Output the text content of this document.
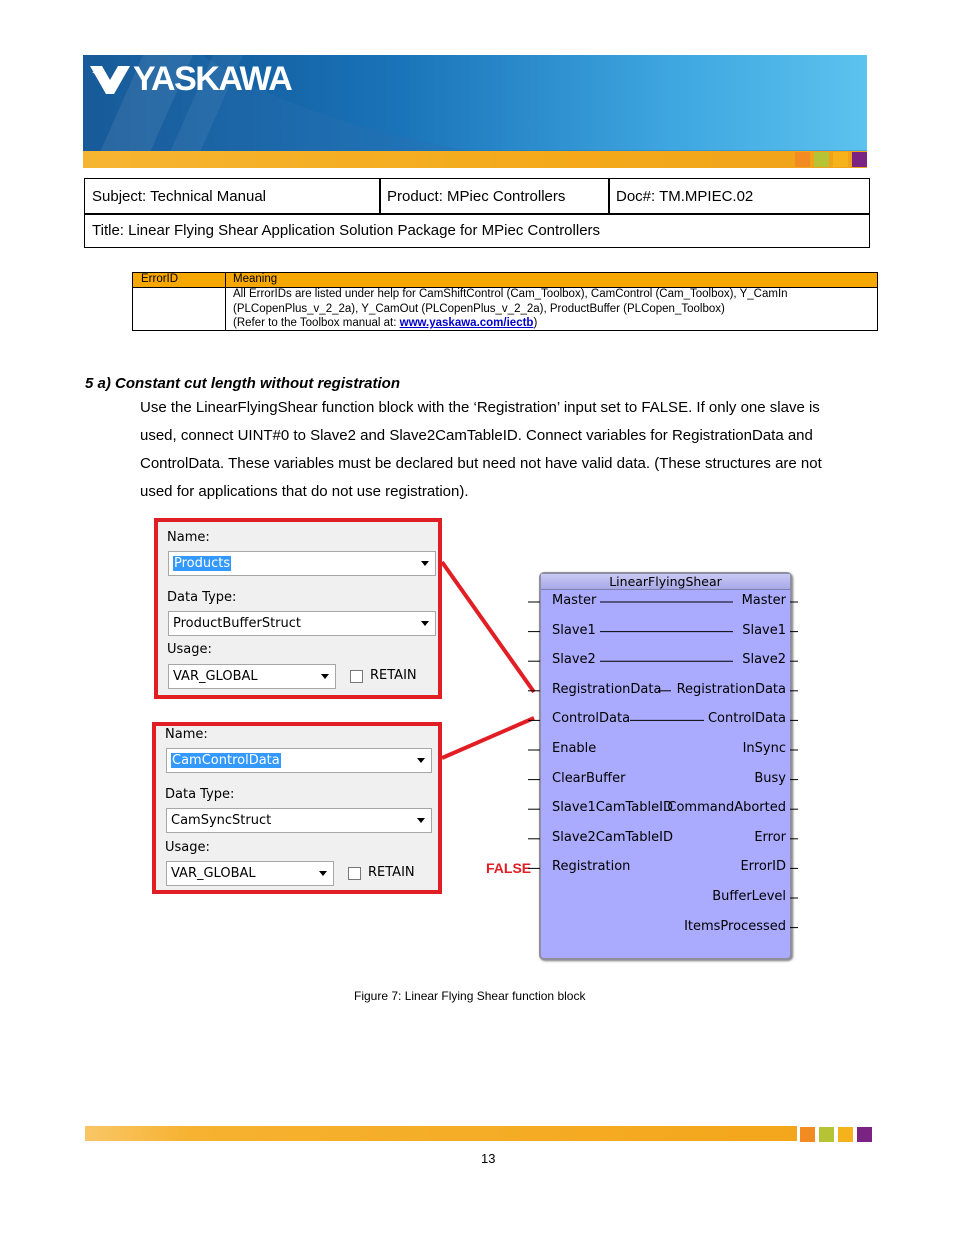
YASKAWA
Subject: Technical Manual	Product: MPiec Controllers	Doc#: TM.MPIEC.02
Title: Linear Flying Shear Application Solution Package for MPiec Controllers
ErrorID	Meaning
All ErrorIDs are listed under help for CamShiftControl (Cam_Toolbox), CamControl (Cam_Toolbox), Y_CamIn
(PLCopenPlus_v_2_2a), Y_CamOut (PLCopenPlus_v_2_2a), ProductBuffer (PLCopen_Toolbox)
(Refer to the Toolbox manual at: www.yaskawa.com/iectb)
5 a) Constant cut length without registration
Use the LinearFlyingShear function block with the ‘Registration’ input set to FALSE. If only one slave is
used, connect UINT#0 to Slave2 and Slave2CamTableID. Connect variables for RegistrationData and
ControlData. These variables must be declared but need not have valid data. (These structures are not
used for applications that do not use registration).
Name:
Products
Data Type:
ProductBufferStruct
Usage:
VAR_GLOBAL	RETAIN
Name:
CamControlData
Data Type:
CamSyncStruct
Usage:
VAR_GLOBAL	RETAIN	FALSE
LinearFlyingShear
Master
Slave1
Slave2
RegistrationData
ControlData
Enable
ClearBuffer
Slave1CamTableID
Slave2CamTableID
Registration
Master
Slave1
Slave2
RegistrationData
ControlData
InSync
Busy
CommandAborted
Error
ErrorID
BufferLevel
ItemsProcessed
Figure 7: Linear Flying Shear function block
13
